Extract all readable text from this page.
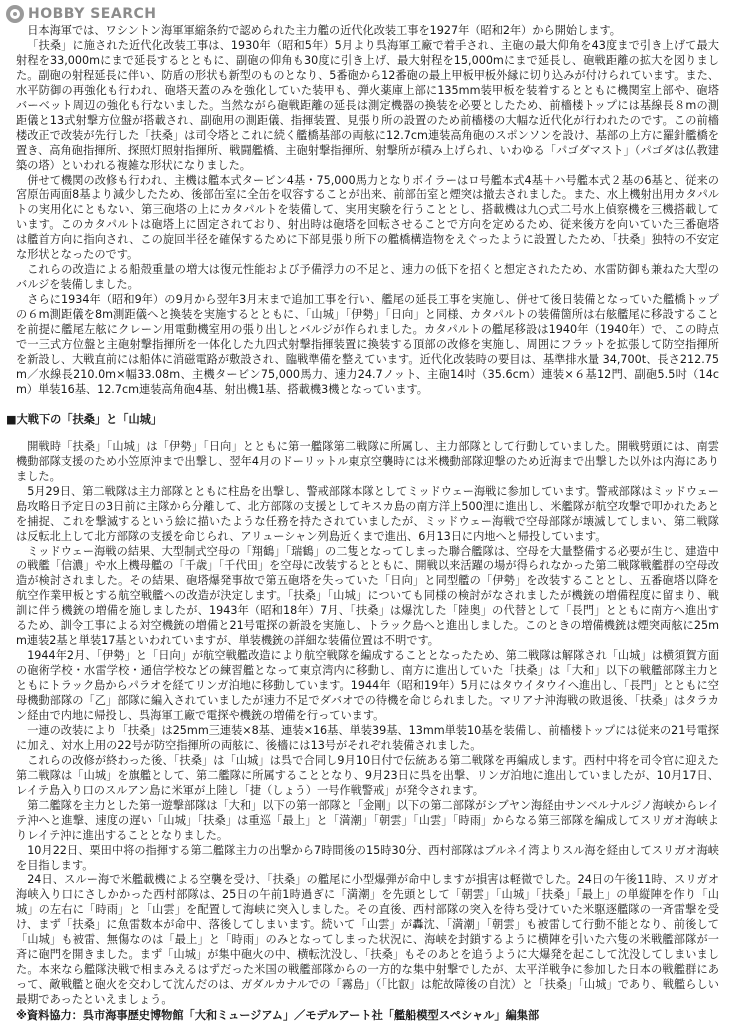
HOBBY SEARCH

日本海軍では、ワシントン海軍軍縮条約で認められた主力艦の近代化改装工事を1927年（昭和2年）から開始します。

「扶桑」に施された近代化改装工事は、1930年（昭和5年）5月より呉海軍工廠で着手され、主砲の最大仰角を43度まで引き上げて最大射程を33,000mにまで延長するとともに、副砲の仰角も30度に引き上げ、最大射程を15,000mにまで延長し、砲戦距離の拡大を図りました。副砲の射程延長に伴い、防盾の形状も新型のものとなり、5番砲から12番砲の最上甲板甲板外縁に切り込みが付けられています。また、水平防御の再強化も行われ、砲塔天蓋のみを強化していた装甲も、弾火薬庫上部に135mm装甲板を装着するとともに機関室上部や、砲塔バーベット周辺の強化も行ないました。当然ながら砲戦距離の延長は測定機器の換装を必要としたため、前檣楼トップには基線長８mの測距儀と13式射撃方位盤が搭載され、副砲用の測距儀、指揮装置、見張り所の設置のため前檣楼の大幅な近代化が行われたのです。この前檣楼改正で改装が先行した「扶桑」は司令塔とこれに続く艦橋基部の両舷に12.7cm連装高角砲のスポンソンを設け、基部の上方に羅針艦橋を置き、高角砲指揮所、探照灯照射指揮所、戦闘艦橋、主砲射撃指揮所、射撃所が積み上げられ、いわゆる「パゴダマスト」（パゴダは仏教建築の塔）といわれる複雑な形状になりました。

併せて機関の改修も行われ、主機は艦本式タービン4基・75,000馬力となりボイラーはロ号艦本式4基＋ハ号艦本式２基の6基と、従来の宮原缶両面8基より減少したため、後部缶室に全缶を収容することが出来、前部缶室と煙突は撤去されました。また、水上機射出用カタパルトの実用化にともない、第三砲塔の上にカタパルトを装備して、実用実験を行うこととし、搭載機は九○式二号水上偵察機を三機搭載しています。このカタパルトは砲塔上に固定されており、射出時は砲塔を回転させることで方向を定めるため、従来後方を向いていた三番砲塔は艦首方向に指向され、この旋回半径を確保するために下部見張り所下の艦橋構造物をえぐったように設置したため、「扶桑」独特の不安定な形状となったのです。

これらの改造による船殻重量の増大は復元性能および予備浮力の不足と、速力の低下を招くと想定されたため、水雷防御も兼ねた大型のバルジを装備しました。

さらに1934年（昭和9年）の9月から翌年3月末まで追加工事を行い、艦尾の延長工事を実施し、併せて後日装備となっていた艦橋トップの６m測距儀を8m測距儀へと換装を実施するとともに、「山城」「伊勢」「日向」と同様、カタパルトの装備箇所は右舷艦尾に移設することを前提に艦尾左舷にクレーン用電動機室用の張り出しとバルジが作られました。カタパルトの艦尾移設は1940年（1940年）で、この時点で一三式方位盤と主砲射撃指揮所を一体化した九四式射撃指揮装置に換装する頂部の改修を実施し、周囲にフラットを拡張して防空指揮所を新設し、大戦直前には船体に消磁電路が敷設され、臨戦準備を整えています。近代化改装時の要目は、基準排水量 34,700t、長さ212.75m／水線長210.0m×幅33.08m、主機タービン75,000馬力、速力24.7ノット、主砲14吋（35.6cm）連装×６基12門、副砲5.5吋（14cm）単装16基、12.7cm連装高角砲4基、射出機1基、搭載機3機となっています。

■大戦下の「扶桑」と「山城」

開戦時「扶桑」「山城」は「伊勢」「日向」とともに第一艦隊第二戦隊に所属し、主力部隊として行動していました。開戦劈頭には、南雲機動部隊支援のため小笠原沖まで出撃し、翌年4月のドーリットル東京空襲時には米機動部隊迎撃のため近海まで出撃した以外は内海にありました。

5月29日、第二戦隊は主力部隊とともに柱島を出撃し、警戒部隊本隊としてミッドウェー海戦に参加しています。警戒部隊はミッドウェー島攻略日予定日の3日前に主隊から分離して、北方部隊の支援としてキスカ島の南方洋上500浬に進出し、米艦隊が航空攻撃で叩かれたあとを捕捉、これを撃滅するという絵に描いたような任務を持たされていましたが、ミッドウェー海戦で空母部隊が壊滅してしまい、第二戦隊は反転北上して北方部隊の支援を命じられ、アリューシャン列島近くまで進出、6月13日に内地へと帰投しています。

ミッドウェー海戦の結果、大型制式空母の「翔鶴」「瑞鶴」の二隻となってしまった聯合艦隊は、空母を大量整備する必要が生じ、建造中の戦艦「信濃」や水上機母艦の「千歳」「千代田」を空母に改装するとともに、開戦以来活躍の場が得られなかった第二戦隊戦艦群の空母改造が検討されました。その結果、砲塔爆発事故で第五砲塔を失っていた「日向」と同型艦の「伊勢」を改装することとし、五番砲塔以降を航空作業甲板とする航空戦艦への改造が決定します。「扶桑」「山城」についても同様の検討がなされましたが機銃の増備程度に留まり、戦訓に伴う機銃の増備を施しましたが、1943年（昭和18年）7月、「扶桑」は爆沈した「陸奥」の代替として「長門」とともに南方へ進出するため、訓令工事による対空機銃の増備と21号電探の新設を実施し、トラック島へと進出しました。このときの増備機銃は煙突両舷に25mm連装2基と単装17基といわれていますが、単装機銃の詳細な装備位置は不明です。

1944年2月、「伊勢」と「日向」が航空戦艦改造により航空戦隊を編成することとなったため、第二戦隊は解隊され「山城」は横須賀方面の砲術学校・水雷学校・通信学校などの練習艦となって東京湾内に移動し、南方に進出していた「扶桑」は「大和」以下の戦艦部隊主力とともにトラック島からパラオを経てリンガ泊地に移動しています。1944年（昭和19年）5月にはタウイタウイへ進出し、「長門」とともに空母機動部隊の「乙」部隊に編入されていましたが速力不足でダバオでの待機を命じられました。マリアナ沖海戦の敗退後、「扶桑」はタラカン経由で内地に帰投し、呉海軍工廠で電探や機銃の増備を行っています。

一連の改装により「扶桑」は25mm三連装×8基、連装×16基、単装39基、13mm単装10基を装備し、前檣楼トップには従来の21号電探に加え、対水上用の22号が防空指揮所の両舷に、後檣には13号がそれぞれ装備されました。

これらの改修が終わった後、「扶桑」は「山城」は呉で合同し9月10日付で伝統ある第二戦隊を再編成します。西村中将を司令官に迎えた第二戦隊は「山城」を旗艦として、第二艦隊に所属することとなり、9月23日に呉を出撃、リンガ泊地に進出していましたが、10月17日、レイテ島入り口のスルアン島に米軍が上陸し「捷（しょう）一号作戦警戒」が発令されます。

第二艦隊を主力とした第一遊撃部隊は「大和」以下の第一部隊と「金剛」以下の第二部隊がシブヤン海経由サンベルナルジノ海峡からレイテ沖へと進撃、速度の遅い「山城」「扶桑」は重巡「最上」と「満潮」「朝雲」「山雲」「時雨」からなる第三部隊を編成してスリガオ海峡よりレイテ沖に進出することとなりました。

10月22日、栗田中将の指揮する第二艦隊主力の出撃から7時間後の15時30分、西村部隊はブルネイ湾よりスル海を経由してスリガオ海峡を目指します。

24日、スルー海で米艦載機による空襲を受け、「扶桑」の艦尾に小型爆弾が命中しますが損害は軽微でした。24日の午後11時、スリガオ海峡入り口にさしかかった西村部隊は、25日の午前1時過ぎに「満潮」を先頭として「朝雲」「山城」「扶桑」「最上」の単縦陣を作り「山城」の左右に「時雨」と「山雲」を配置して海峡に突入しました。その直後、西村部隊の突入を待ち受けていた米駆逐艦隊の一斉雷撃を受け、まず「扶桑」に魚雷数本が命中、落後してしまいます。続いて「山雲」が轟沈、「満潮」「朝雲」も被雷して行動不能となり、前後して「山城」も被雷、無傷なのは「最上」と「時雨」のみとなってしまった状況に、海峡を封鎖するように横陣を引いた六隻の米戦艦部隊が一斉に砲門を開きました。まず「山城」が集中砲火の中、横転沈没し、「扶桑」もそのあとを追うように大爆発を起こして沈没してしまいました。本来なら艦隊決戦で相まみえるはずだった米国の戦艦部隊からの一方的な集中射撃でしたが、太平洋戦争に参加した日本の戦艦群にあって、敵戦艦と砲火を交わして沈んだのは、ガダルカナルでの「霧島」（「比叡」は舵故障後の自沈）と「扶桑」「山城」であり、戦艦らしい最期であったといえましょう。

※資料協力：呉市海事歴史博物館「大和ミュージアム」／モデルアート社「艦船模型スペシャル」編集部
